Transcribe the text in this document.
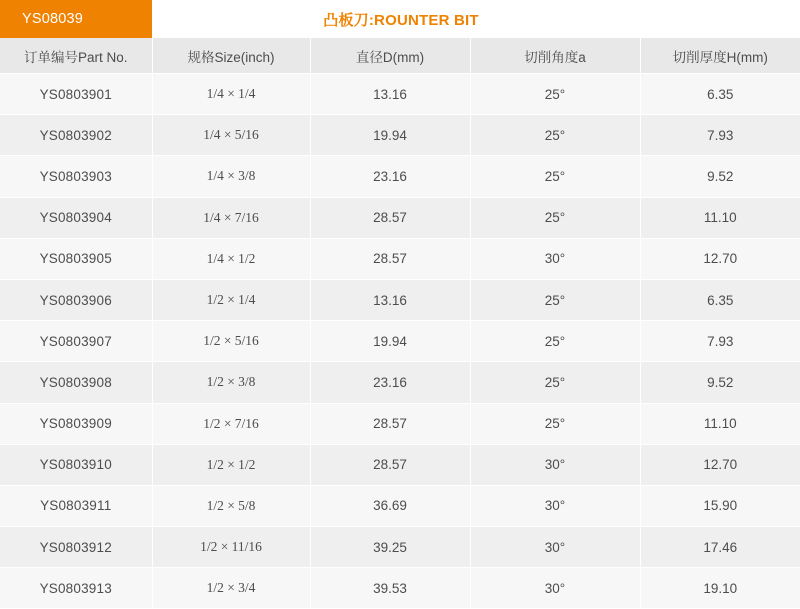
YS08039	凸板刀:ROUNTER BIT
订单编号Part No.	规格Size(inch)	直径D(mm)	切削角度a	切削厚度H(mm)
YS0803901	1/4 × 1/4	13.16	25°	6.35
YS0803902	1/4 × 5/16	19.94	25°	7.93
YS0803903	1/4 × 3/8	23.16	25°	9.52
YS0803904	1/4 × 7/16	28.57	25°	11.10
YS0803905	1/4 × 1/2	28.57	30°	12.70
YS0803906	1/2 × 1/4	13.16	25°	6.35
YS0803907	1/2 × 5/16	19.94	25°	7.93
YS0803908	1/2 × 3/8	23.16	25°	9.52
YS0803909	1/2 × 7/16	28.57	25°	11.10
YS0803910	1/2 × 1/2	28.57	30°	12.70
YS0803911	1/2 × 5/8	36.69	30°	15.90
YS0803912	1/2 × 11/16	39.25	30°	17.46
YS0803913	1/2 × 3/4	39.53	30°	19.10
